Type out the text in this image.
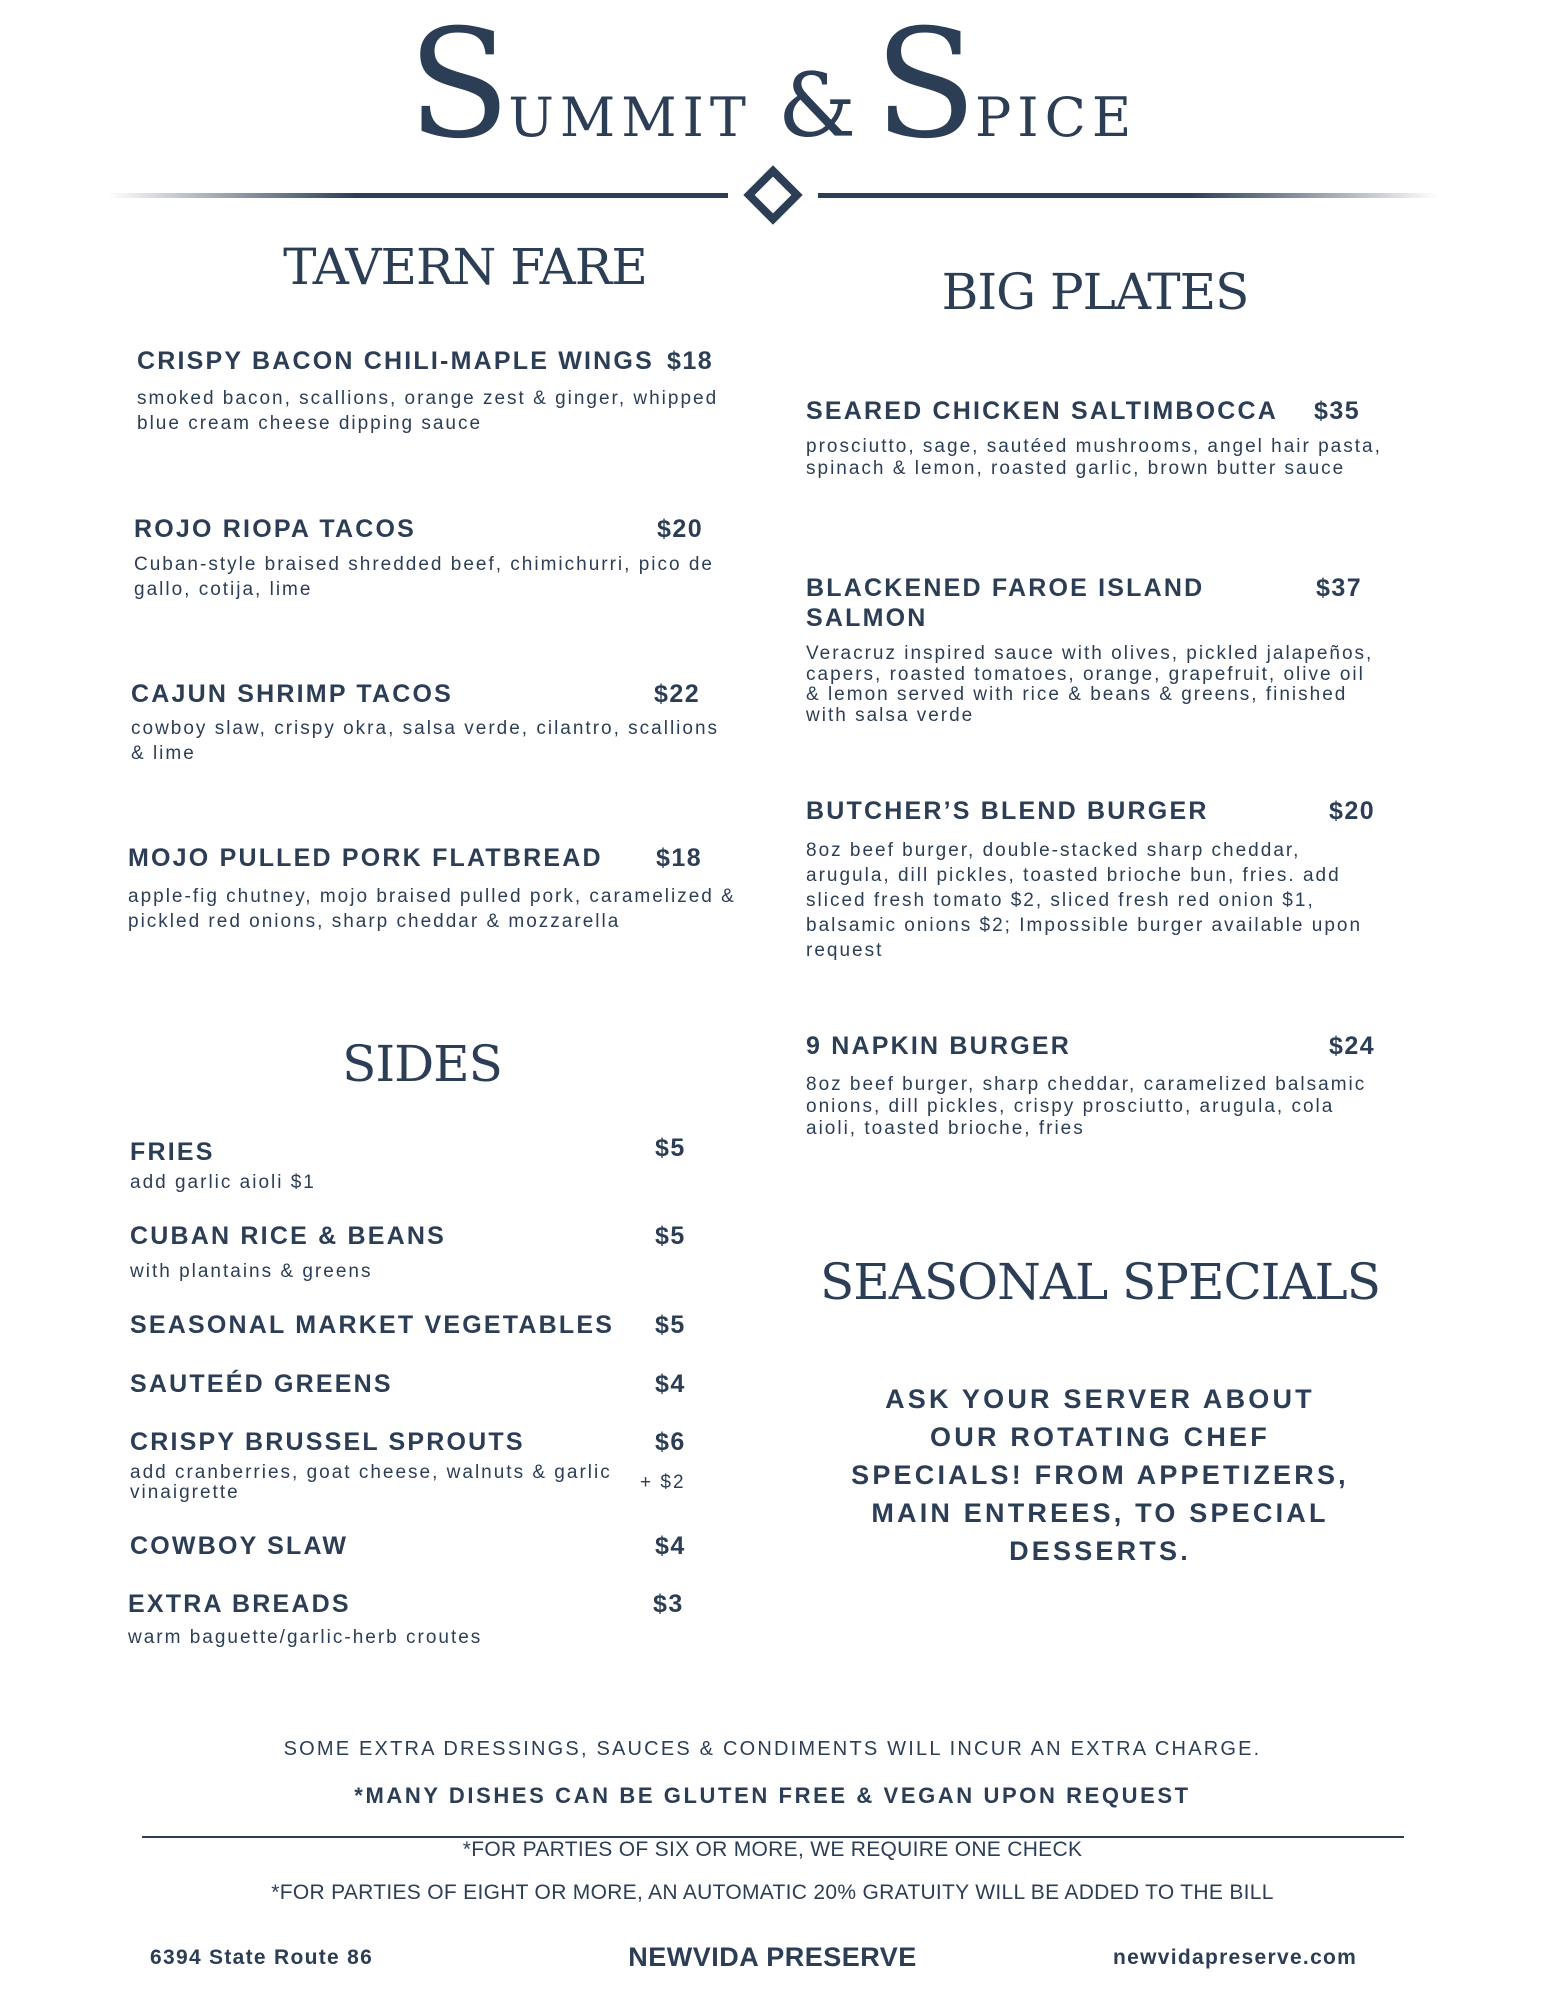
SUMMIT & SPICE
TAVERN FARE	BIG PLATES
SIDES
SEASONAL SPECIALS
CRISPY BACON CHILI-MAPLE WINGS $18
smoked bacon, scallions, orange zest & ginger, whipped blue cream cheese dipping sauce
ROJO RIOPA TACOS	$20
Cuban-style braised shredded beef, chimichurri, pico de gallo, cotija, lime
CAJUN SHRIMP TACOS	$22
cowboy slaw, crispy okra, salsa verde, cilantro, scallions & lime
MOJO PULLED PORK FLATBREAD $18
apple-fig chutney, mojo braised pulled pork, caramelized & pickled red onions, sharp cheddar & mozzarella
SEARED CHICKEN SALTIMBOCCA $35
prosciutto, sage, sautéed mushrooms, angel hair pasta, spinach & lemon, roasted garlic, brown butter sauce
BLACKENED FAROE ISLAND
SALMON
$37
Veracruz inspired sauce with olives, pickled jalapeños, capers, roasted tomatoes, orange, grapefruit, olive oil & lemon served with rice & beans & greens, finished with salsa verde
BUTCHER’S BLEND BURGER	$20
8oz beef burger, double-stacked sharp cheddar, arugula, dill pickles, toasted brioche bun, fries. add sliced fresh tomato $2, sliced fresh red onion $1, balsamic onions $2; Impossible burger available upon request
9 NAPKIN BURGER	$24
8oz beef burger, sharp cheddar, caramelized balsamic onions, dill pickles, crispy prosciutto, arugula, cola aioli, toasted brioche, fries
FRIES	$5
add garlic aioli $1
CUBAN RICE & BEANS	$5
with plantains & greens
SEASONAL MARKET VEGETABLES $5
SAUTEÉD GREENS	$4
CRISPY BRUSSEL SPROUTS	$6
add cranberries, goat cheese, walnuts & garlic vinaigrette	+ $2
COWBOY SLAW	$4
EXTRA BREADS	$3
warm baguette/garlic-herb croutes
ASK YOUR SERVER ABOUT OUR ROTATING CHEF SPECIALS! FROM APPETIZERS, MAIN ENTREES, TO SPECIAL DESSERTS.
SOME EXTRA DRESSINGS, SAUCES & CONDIMENTS WILL INCUR AN EXTRA CHARGE.
*MANY DISHES CAN BE GLUTEN FREE & VEGAN UPON REQUEST
*FOR PARTIES OF SIX OR MORE, WE REQUIRE ONE CHECK
*FOR PARTIES OF EIGHT OR MORE, AN AUTOMATIC 20% GRATUITY WILL BE ADDED TO THE BILL
6394 State Route 86	NEWVIDA PRESERVE	newvidapreserve.com
